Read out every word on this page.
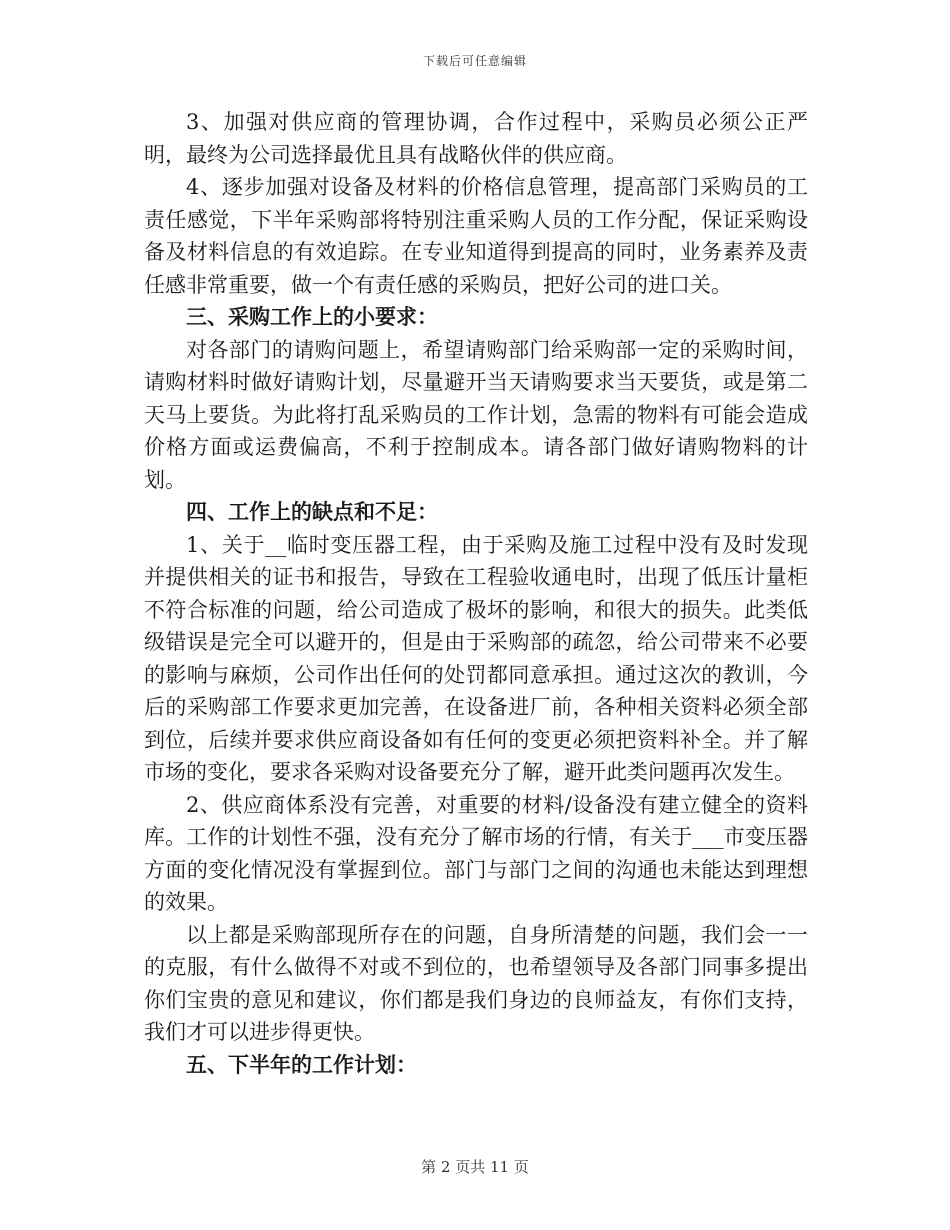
下载后可任意编辑

3、加强对供应商的管理协调，合作过程中，采购员必须公正严明，最终为公司选择最优且具有战略伙伴的供应商。

4、逐步加强对设备及材料的价格信息管理，提高部门采购员的工责任感觉，下半年采购部将特别注重采购人员的工作分配，保证采购设备及材料信息的有效追踪。在专业知道得到提高的同时，业务素养及责任感非常重要，做一个有责任感的采购员，把好公司的进口关。

三、采购工作上的小要求：

对各部门的请购问题上，希望请购部门给采购部一定的采购时间，请购材料时做好请购计划，尽量避开当天请购要求当天要货，或是第二天马上要货。为此将打乱采购员的工作计划，急需的物料有可能会造成价格方面或运费偏高，不利于控制成本。请各部门做好请购物料的计划。

四、工作上的缺点和不足：

1、关于__临时变压器工程，由于采购及施工过程中没有及时发现并提供相关的证书和报告，导致在工程验收通电时，出现了低压计量柜不符合标准的问题，给公司造成了极坏的影响，和很大的损失。此类低级错误是完全可以避开的，但是由于采购部的疏忽，给公司带来不必要的影响与麻烦，公司作出任何的处罚都同意承担。通过这次的教训，今后的采购部工作要求更加完善，在设备进厂前，各种相关资料必须全部到位，后续并要求供应商设备如有任何的变更必须把资料补全。并了解市场的变化，要求各采购对设备要充分了解，避开此类问题再次发生。

2、供应商体系没有完善，对重要的材料/设备没有建立健全的资料库。工作的计划性不强，没有充分了解市场的行情，有关于___市变压器方面的变化情况没有掌握到位。部门与部门之间的沟通也未能达到理想的效果。

以上都是采购部现所存在的问题，自身所清楚的问题，我们会一一的克服，有什么做得不对或不到位的，也希望领导及各部门同事多提出你们宝贵的意见和建议，你们都是我们身边的良师益友，有你们支持，我们才可以进步得更快。

五、下半年的工作计划：

第 2 页共 11 页
